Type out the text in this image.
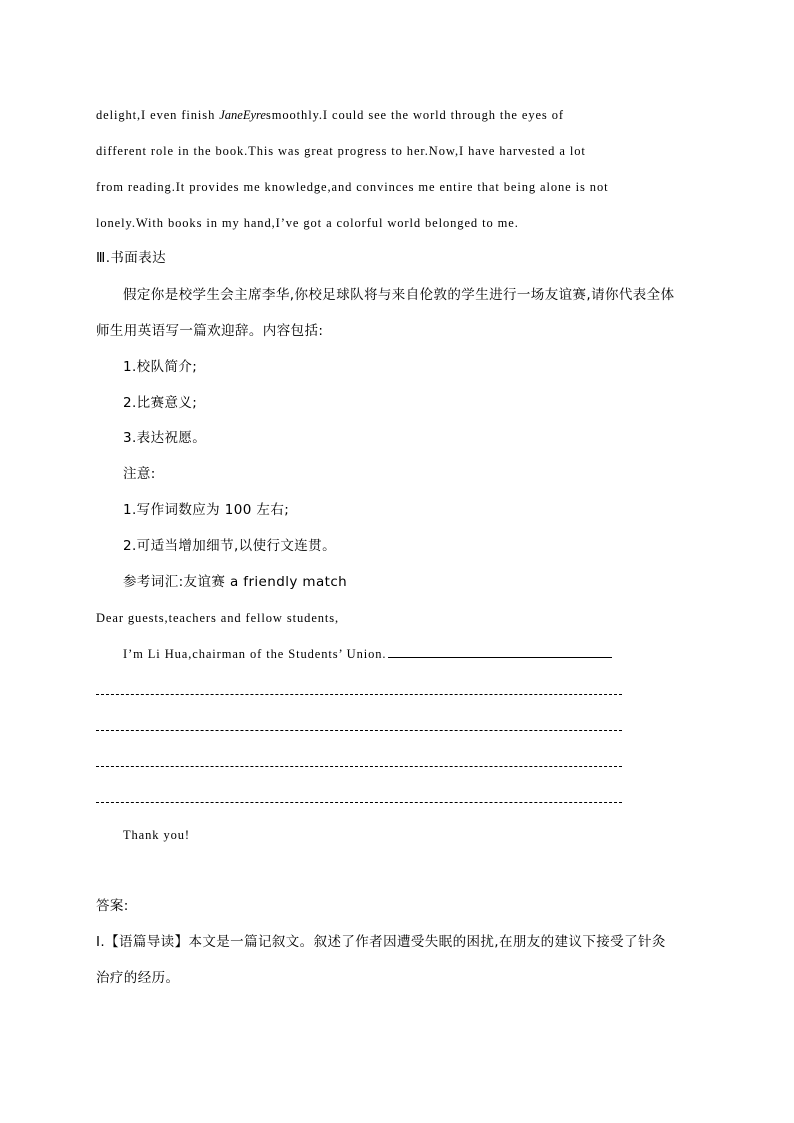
delight,I even finish JaneEyresmoothly.I could see the world through the eyes of
different role in the book.This was great progress to her.Now,I have harvested a lot
from reading.It provides me knowledge,and convinces me entire that being alone is not
lonely.With books in my hand,I’ve got a colorful world belonged to me.
Ⅲ.书面表达
假定你是校学生会主席李华,你校足球队将与来自伦敦的学生进行一场友谊赛,请你代表全体
师生用英语写一篇欢迎辞。内容包括:
1.校队简介;
2.比赛意义;
3.表达祝愿。
注意:
1.写作词数应为 100 左右;
2.可适当增加细节,以使行文连贯。
参考词汇:友谊赛 a friendly match
Dear guests,teachers and fellow students,
I’m Li Hua,chairman of the Students’ Union.
Thank you!
答案:
Ⅰ.【语篇导读】本文是一篇记叙文。叙述了作者因遭受失眠的困扰,在朋友的建议下接受了针灸
治疗的经历。
